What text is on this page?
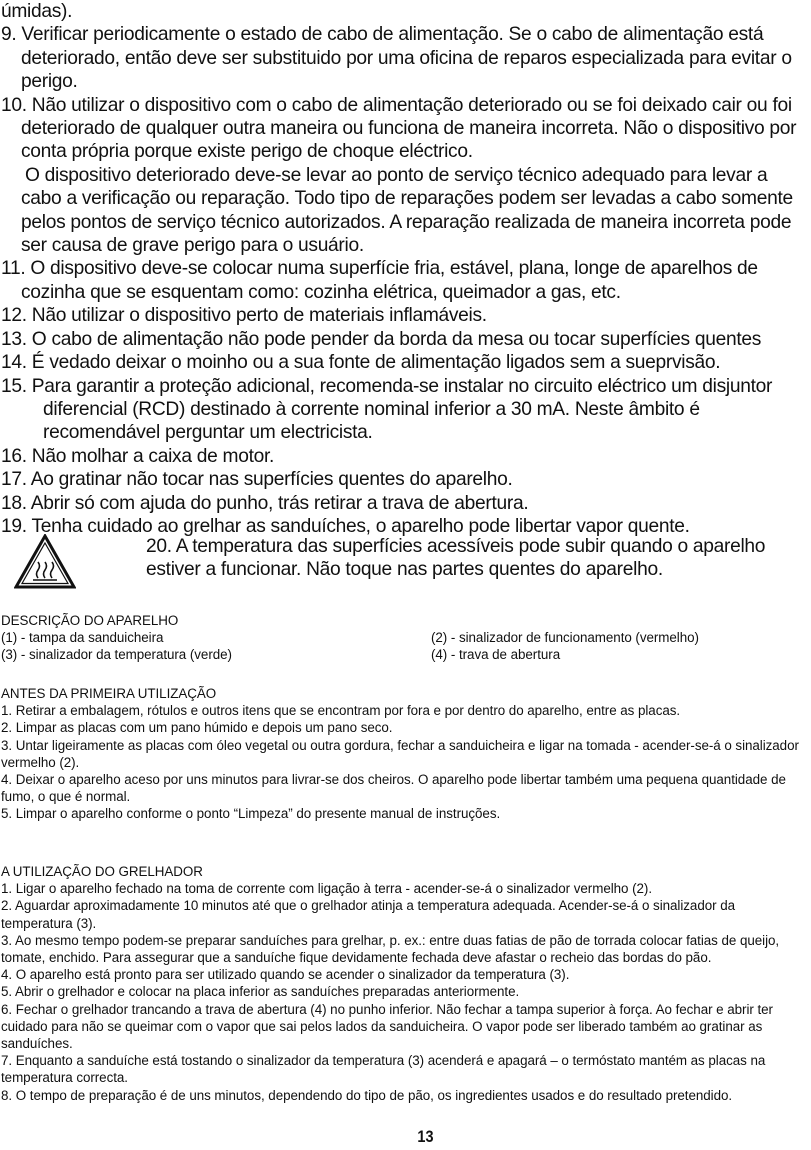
úmidas).

9. Verificar periodicamente o estado de cabo de alimentação. Se o cabo de alimentação está deteriorado, então deve ser substituido por uma oficina de reparos especializada para evitar o perigo.

10. Não utilizar o dispositivo com o cabo de alimentação deteriorado ou se foi deixado cair ou foi deteriorado de qualquer outra maneira ou funciona de maneira incorreta. Não o dispositivo por conta própria porque existe perigo de choque eléctrico.

O dispositivo deteriorado deve-se levar ao ponto de serviço técnico adequado para levar a cabo a verificação ou reparação. Todo tipo de reparações podem ser levadas a cabo somente pelos pontos de serviço técnico autorizados. A reparação realizada de maneira incorreta pode ser causa de grave perigo para o usuário.

11. O dispositivo deve-se colocar numa superfície fria, estável, plana, longe de aparelhos de cozinha que se esquentam como: cozinha elétrica, queimador a gas, etc.

12. Não utilizar o dispositivo perto de materiais inflamáveis.

13. O cabo de alimentação não pode pender da borda da mesa ou tocar superfícies quentes

14. É vedado deixar o moinho ou a sua fonte de alimentação ligados sem a sueprvisão.

15. Para garantir a proteção adicional, recomenda-se instalar no circuito eléctrico um disjuntor diferencial (RCD) destinado à corrente nominal inferior a 30 mA. Neste âmbito é recomendável perguntar um electricista.

16. Não molhar a caixa de motor.

17. Ao gratinar não tocar nas superfícies quentes do aparelho.

18. Abrir só com ajuda do punho, trás retirar a trava de abertura.

19. Tenha cuidado ao grelhar as sanduíches, o aparelho pode libertar vapor quente.

20. A temperatura das superfícies acessíveis pode subir quando o aparelho estiver a funcionar. Não toque nas partes quentes do aparelho.

DESCRIÇÃO DO APARELHO

(1) - tampa da sanduicheira	(2) - sinalizador de funcionamento (vermelho)
(3) - sinalizador da temperatura (verde)	(4) - trava de abertura

ANTES DA PRIMEIRA UTILIZAÇÃO

1. Retirar a embalagem, rótulos e outros itens que se encontram por fora e por dentro do aparelho, entre as placas.

2. Limpar as placas com um pano húmido e depois um pano seco.

3. Untar ligeiramente as placas com óleo vegetal ou outra gordura, fechar a sanduicheira e ligar na tomada - acender-se-á o sinalizador vermelho (2).

4. Deixar o aparelho aceso por uns minutos para livrar-se dos cheiros. O aparelho pode libertar também uma pequena quantidade de fumo, o que é normal.

5. Limpar o aparelho conforme o ponto “Limpeza” do presente manual de instruções.

A UTILIZAÇÃO DO GRELHADOR

1. Ligar o aparelho fechado na toma de corrente com ligação à terra - acender-se-á o sinalizador vermelho (2).

2. Aguardar aproximadamente 10 minutos até que o grelhador atinja a temperatura adequada. Acender-se-á o sinalizador da temperatura (3).

3. Ao mesmo tempo podem-se preparar sanduíches para grelhar, p. ex.: entre duas fatias de pão de torrada colocar fatias de queijo, tomate, enchido. Para assegurar que a sanduíche fique devidamente fechada deve afastar o recheio das bordas do pão.

4. O aparelho está pronto para ser utilizado quando se acender o sinalizador da temperatura (3).

5. Abrir o grelhador e colocar na placa inferior as sanduíches preparadas anteriormente.

6. Fechar o grelhador trancando a trava de abertura (4) no punho inferior. Não fechar a tampa superior à força. Ao fechar e abrir ter cuidado para não se queimar com o vapor que sai pelos lados da sanduicheira. O vapor pode ser liberado também ao gratinar as sanduíches.

7. Enquanto a sanduíche está tostando o sinalizador da temperatura (3) acenderá e apagará – o termóstato mantém as placas na temperatura correcta.

8. O tempo de preparação é de uns minutos, dependendo do tipo de pão, os ingredientes usados e do resultado pretendido.

13
